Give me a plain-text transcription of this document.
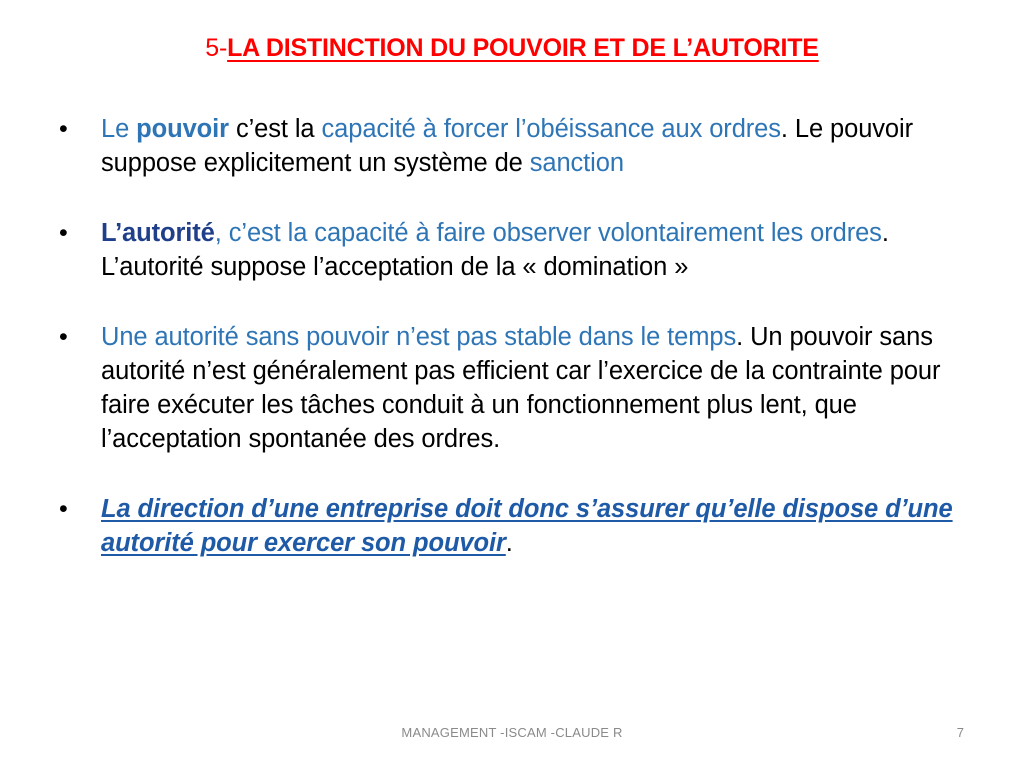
5-LA DISTINCTION DU POUVOIR ET DE L’AUTORITE
• Le pouvoir c’est la capacité à forcer l’obéissance aux ordres. Le pouvoir suppose explicitement un système de sanction
• L’autorité, c’est la capacité à faire observer volontairement les ordres. L’autorité suppose l’acceptation de la « domination »
• Une autorité sans pouvoir n’est pas stable dans le temps. Un pouvoir sans autorité n’est généralement pas efficient car l’exercice de la contrainte pour faire exécuter les tâches conduit à un fonctionnement plus lent, que l’acceptation spontanée des ordres.
• La direction d’une entreprise doit donc s’assurer qu’elle dispose d’une autorité pour exercer son pouvoir.
MANAGEMENT -ISCAM -CLAUDE R	7
